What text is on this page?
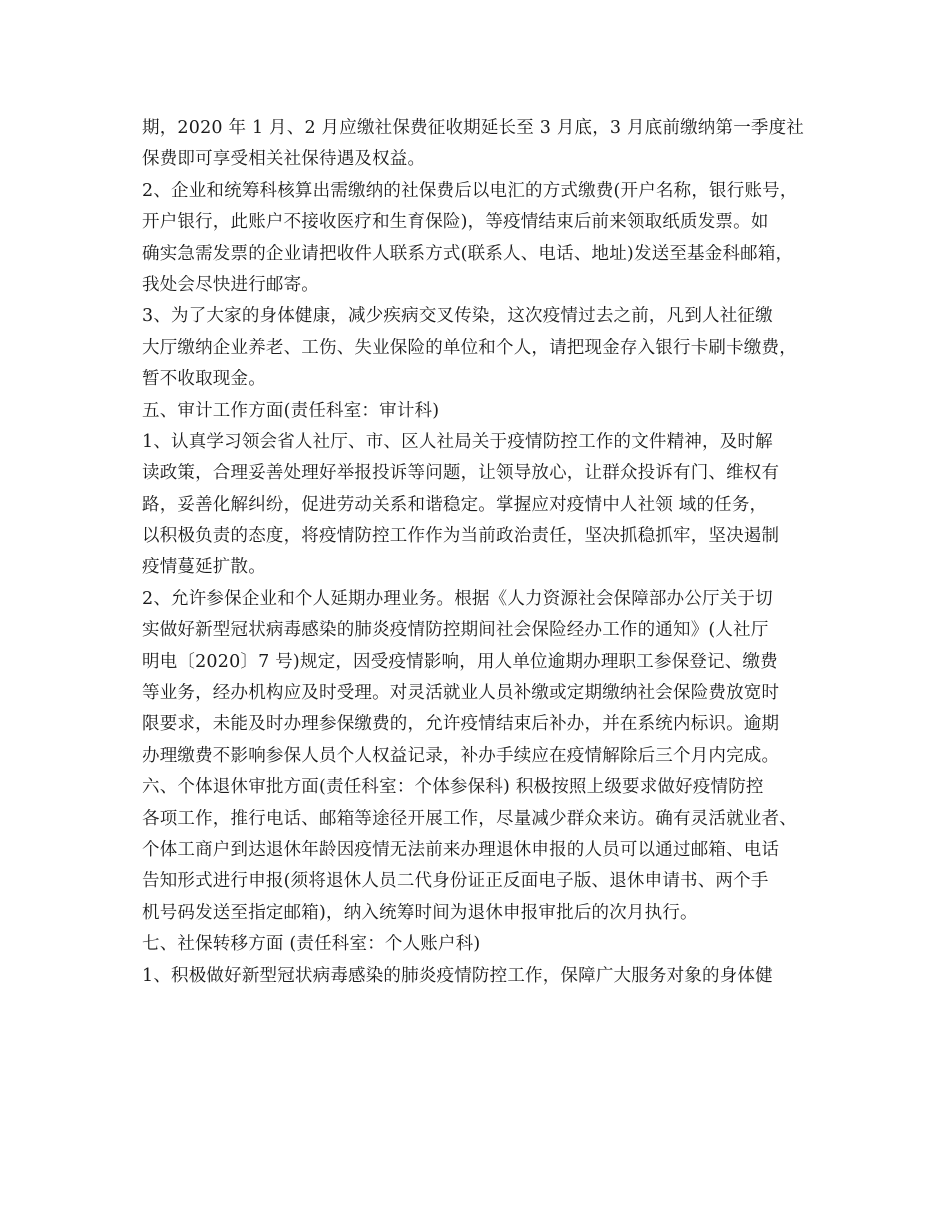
期，2020 年 1 月、2 月应缴社保费征收期延长至 3 月底，3 月底前缴纳第一季度社
保费即可享受相关社保待遇及权益。
2、企业和统筹科核算出需缴纳的社保费后以电汇的方式缴费(开户名称，银行账号，
开户银行，此账户不接收医疗和生育保险)，等疫情结束后前来领取纸质发票。如
确实急需发票的企业请把收件人联系方式(联系人、电话、地址)发送至基金科邮箱，
我处会尽快进行邮寄。
3、为了大家的身体健康，减少疾病交叉传染，这次疫情过去之前，凡到人社征缴
大厅缴纳企业养老、工伤、失业保险的单位和个人，请把现金存入银行卡刷卡缴费，
暂不收取现金。
五、审计工作方面(责任科室：审计科)
1、认真学习领会省人社厅、市、区人社局关于疫情防控工作的文件精神，及时解
读政策，合理妥善处理好举报投诉等问题，让领导放心，让群众投诉有门、维权有
路，妥善化解纠纷，促进劳动关系和谐稳定。掌握应对疫情中人社领 域的任务，
以积极负责的态度，将疫情防控工作作为当前政治责任，坚决抓稳抓牢，坚决遏制
疫情蔓延扩散。
2、允许参保企业和个人延期办理业务。根据《人力资源社会保障部办公厅关于切
实做好新型冠状病毒感染的肺炎疫情防控期间社会保险经办工作的通知》(人社厅
明电〔2020〕7 号)规定，因受疫情影响，用人单位逾期办理职工参保登记、缴费
等业务，经办机构应及时受理。对灵活就业人员补缴或定期缴纳社会保险费放宽时
限要求，未能及时办理参保缴费的，允许疫情结束后补办，并在系统内标识。逾期
办理缴费不影响参保人员个人权益记录，补办手续应在疫情解除后三个月内完成。
六、个体退休审批方面(责任科室：个体参保科) 积极按照上级要求做好疫情防控
各项工作，推行电话、邮箱等途径开展工作，尽量减少群众来访。确有灵活就业者、
个体工商户到达退休年龄因疫情无法前来办理退休申报的人员可以通过邮箱、电话
告知形式进行申报(须将退休人员二代身份证正反面电子版、退休申请书、两个手
机号码发送至指定邮箱)，纳入统筹时间为退休申报审批后的次月执行。
七、社保转移方面 (责任科室：个人账户科)
1、积极做好新型冠状病毒感染的肺炎疫情防控工作，保障广大服务对象的身体健
